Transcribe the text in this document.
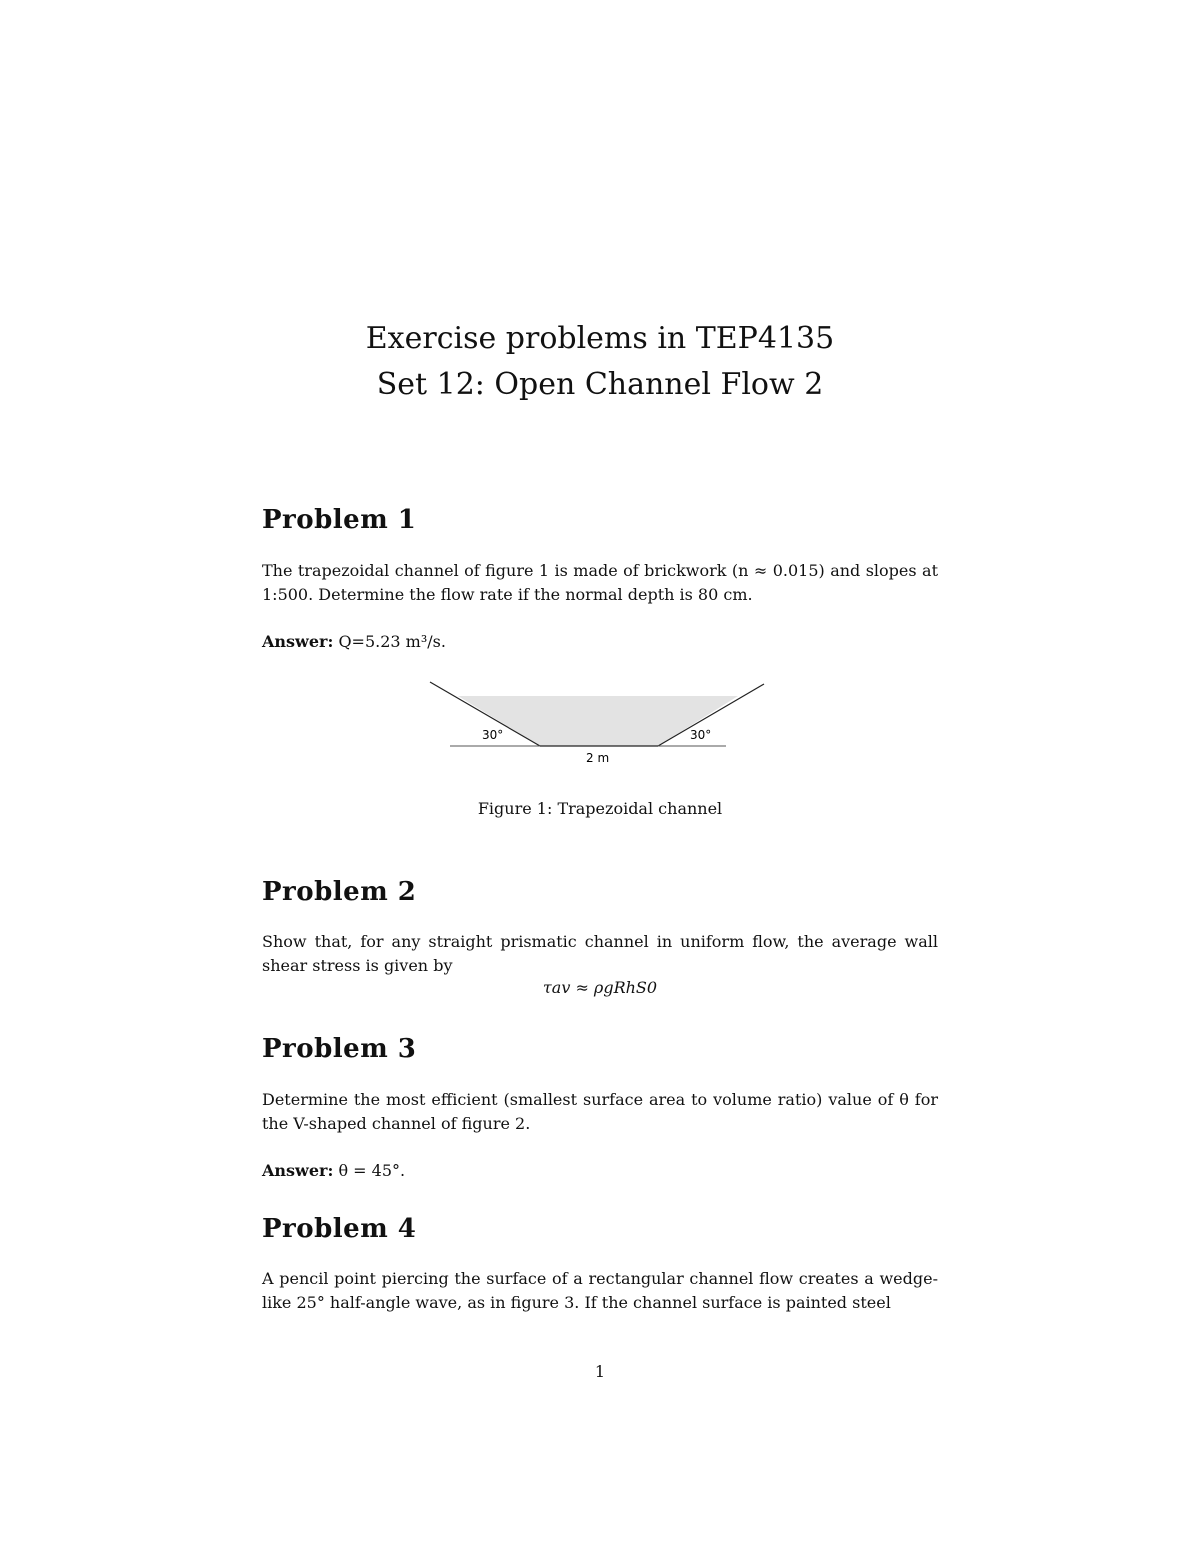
Exercise problems in TEP4135

Set 12: Open Channel Flow 2

Problem 1

The trapezoidal channel of figure 1 is made of brickwork (n ≈ 0.015) and slopes at 1:500. Determine the flow rate if the normal depth is 80 cm.

Answer: Q=5.23 m³/s.

30°	30°
2 m
Figure 1: Trapezoidal channel
Problem 2

Show that, for any straight prismatic channel in uniform flow, the average wall shear stress is given by

τav ≈ ρgRhS0
Problem 3

Determine the most efficient (smallest surface area to volume ratio) value of θ for the V-shaped channel of figure 2.

Answer: θ = 45°.

Problem 4

A pencil point piercing the surface of a rectangular channel flow creates a wedge-like 25° half-angle wave, as in figure 3. If the channel surface is painted steel

1
